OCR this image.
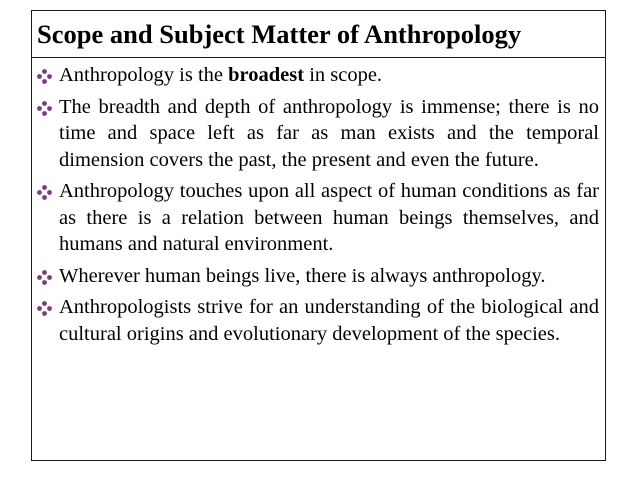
Scope and Subject Matter of Anthropology
Anthropology is the broadest in scope.
The breadth and depth of anthropology is immense; there is no time and space left as far as man exists and the temporal dimension covers the past, the present and even the future.
Anthropology touches upon all aspect of human conditions as far as there is a relation between human beings themselves, and humans and natural environment.
Wherever human beings live, there is always anthropology.
Anthropologists strive for an understanding of the biological and cultural origins and evolutionary development of the species.
